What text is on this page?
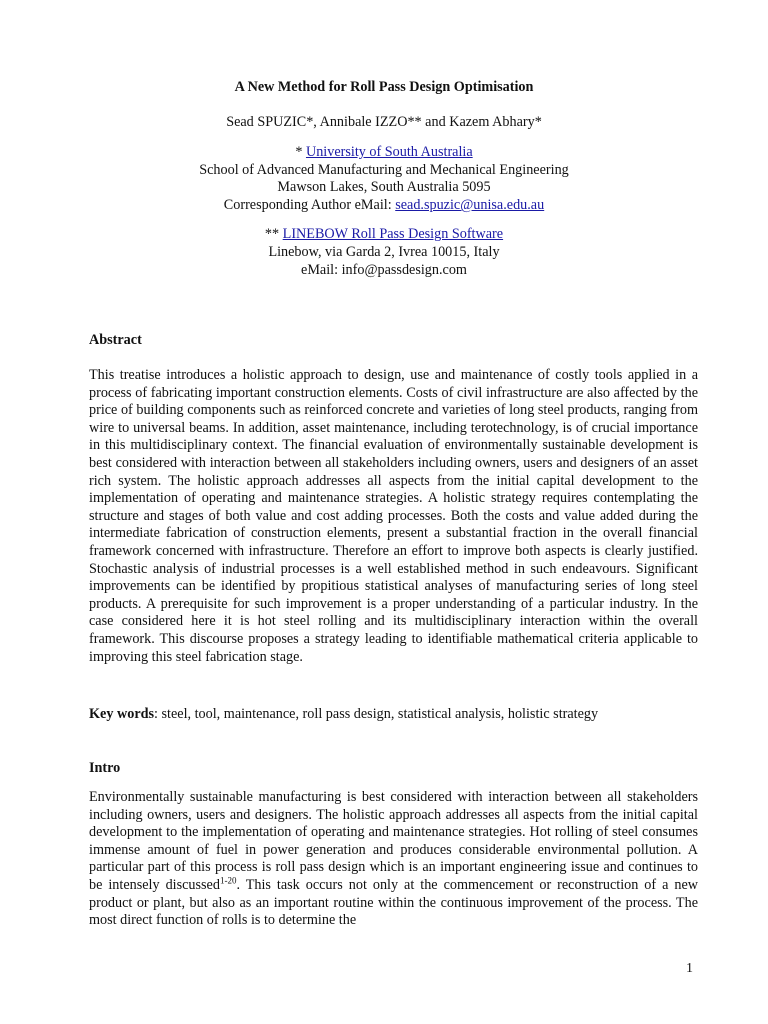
A New Method for Roll Pass Design Optimisation
Sead SPUZIC*, Annibale IZZO** and Kazem Abhary*
* University of South Australia
School of Advanced Manufacturing and Mechanical Engineering
Mawson Lakes, South Australia 5095
Corresponding Author eMail: sead.spuzic@unisa.edu.au
** LINEBOW Roll Pass Design Software
Linebow, via Garda 2, Ivrea 10015, Italy
eMail: info@passdesign.com
Abstract
This treatise introduces a holistic approach to design, use and maintenance of costly tools applied in a process of fabricating important construction elements. Costs of civil infrastructure are also affected by the price of building components such as reinforced concrete and varieties of long steel products, ranging from wire to universal beams. In addition, asset maintenance, including terotechnology, is of crucial importance in this multidisciplinary context. The financial evaluation of environmentally sustainable development is best considered with interaction between all stakeholders including owners, users and designers of an asset rich system. The holistic approach addresses all aspects from the initial capital development to the implementation of operating and maintenance strategies. A holistic strategy requires contemplating the structure and stages of both value and cost adding processes. Both the costs and value added during the intermediate fabrication of construction elements, present a substantial fraction in the overall financial framework concerned with infrastructure. Therefore an effort to improve both aspects is clearly justified. Stochastic analysis of industrial processes is a well established method in such endeavours. Significant improvements can be identified by propitious statistical analyses of manufacturing series of long steel products. A prerequisite for such improvement is a proper understanding of a particular industry. In the case considered here it is hot steel rolling and its multidisciplinary interaction within the overall framework. This discourse proposes a strategy leading to identifiable mathematical criteria applicable to improving this steel fabrication stage.
Key words: steel, tool, maintenance, roll pass design, statistical analysis, holistic strategy
Intro
Environmentally sustainable manufacturing is best considered with interaction between all stakeholders including owners, users and designers. The holistic approach addresses all aspects from the initial capital development to the implementation of operating and maintenance strategies. Hot rolling of steel consumes immense amount of fuel in power generation and produces considerable environmental pollution. A particular part of this process is roll pass design which is an important engineering issue and continues to be intensely discussed$^{1-20}$. This task occurs not only at the commencement or reconstruction of a new product or plant, but also as an important routine within the continuous improvement of the process. The most direct function of rolls is to determine the
1
